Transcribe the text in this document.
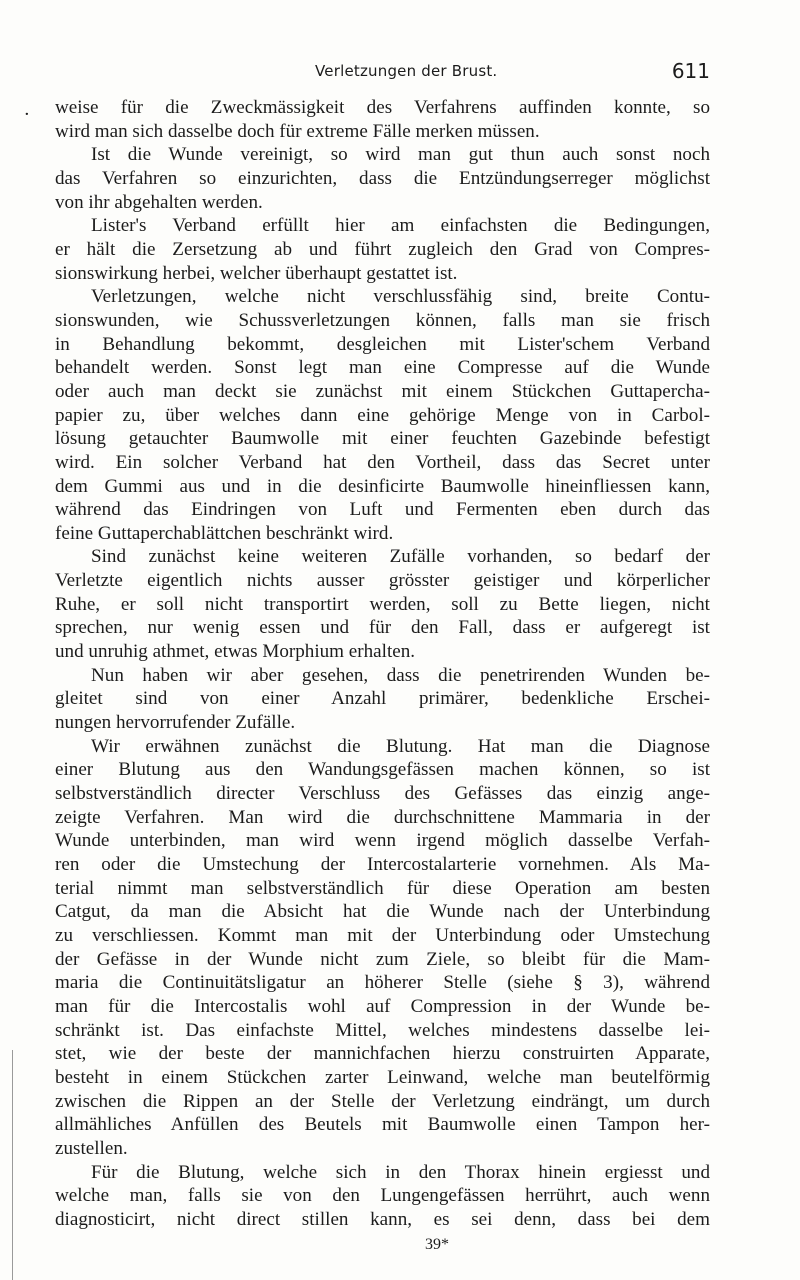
Verletzungen der Brust.	611
· weise für die Zweckmässigkeit des Verfahrens auffinden konnte, so

wird man sich dasselbe doch für extreme Fälle merken müssen.

Ist die Wunde vereinigt, so wird man gut thun auch sonst noch

das Verfahren so einzurichten, dass die Entzündungserreger möglichst

von ihr abgehalten werden.

Lister's Verband erfüllt hier am einfachsten die Bedingungen,

er hält die Zersetzung ab und führt zugleich den Grad von Compres-

sionswirkung herbei, welcher überhaupt gestattet ist.

Verletzungen, welche nicht verschlussfähig sind, breite Contu-

sionswunden, wie Schussverletzungen können, falls man sie frisch

in Behandlung bekommt, desgleichen mit Lister'schem Verband

behandelt werden. Sonst legt man eine Compresse auf die Wunde

oder auch man deckt sie zunächst mit einem Stückchen Guttapercha-

papier zu, über welches dann eine gehörige Menge von in Carbol-

lösung getauchter Baumwolle mit einer feuchten Gazebinde befestigt

wird. Ein solcher Verband hat den Vortheil, dass das Secret unter

dem Gummi aus und in die desinficirte Baumwolle hineinfliessen kann,

während das Eindringen von Luft und Fermenten eben durch das

feine Guttaperchablättchen beschränkt wird.

Sind zunächst keine weiteren Zufälle vorhanden, so bedarf der

Verletzte eigentlich nichts ausser grösster geistiger und körperlicher

Ruhe, er soll nicht transportirt werden, soll zu Bette liegen, nicht

sprechen, nur wenig essen und für den Fall, dass er aufgeregt ist

und unruhig athmet, etwas Morphium erhalten.

Nun haben wir aber gesehen, dass die penetrirenden Wunden be-

gleitet sind von einer Anzahl primärer, bedenkliche Erschei-

nungen hervorrufender Zufälle.

Wir erwähnen zunächst die Blutung. Hat man die Diagnose

einer Blutung aus den Wandungsgefässen machen können, so ist

selbstverständlich directer Verschluss des Gefässes das einzig ange-

zeigte Verfahren. Man wird die durchschnittene Mammaria in der

Wunde unterbinden, man wird wenn irgend möglich dasselbe Verfah-

ren oder die Umstechung der Intercostalarterie vornehmen. Als Ma-

terial nimmt man selbstverständlich für diese Operation am besten

Catgut, da man die Absicht hat die Wunde nach der Unterbindung

zu verschliessen. Kommt man mit der Unterbindung oder Umstechung

der Gefässe in der Wunde nicht zum Ziele, so bleibt für die Mam-

maria die Continuitätsligatur an höherer Stelle (siehe § 3), während

man für die Intercostalis wohl auf Compression in der Wunde be-

schränkt ist. Das einfachste Mittel, welches mindestens dasselbe lei-

stet, wie der beste der mannichfachen hierzu construirten Apparate,

besteht in einem Stückchen zarter Leinwand, welche man beutelförmig

zwischen die Rippen an der Stelle der Verletzung eindrängt, um durch

allmähliches Anfüllen des Beutels mit Baumwolle einen Tampon her-

zustellen.

Für die Blutung, welche sich in den Thorax hinein ergiesst und

welche man, falls sie von den Lungengefässen herrührt, auch wenn

diagnosticirt, nicht direct stillen kann, es sei denn, dass bei dem

39*
